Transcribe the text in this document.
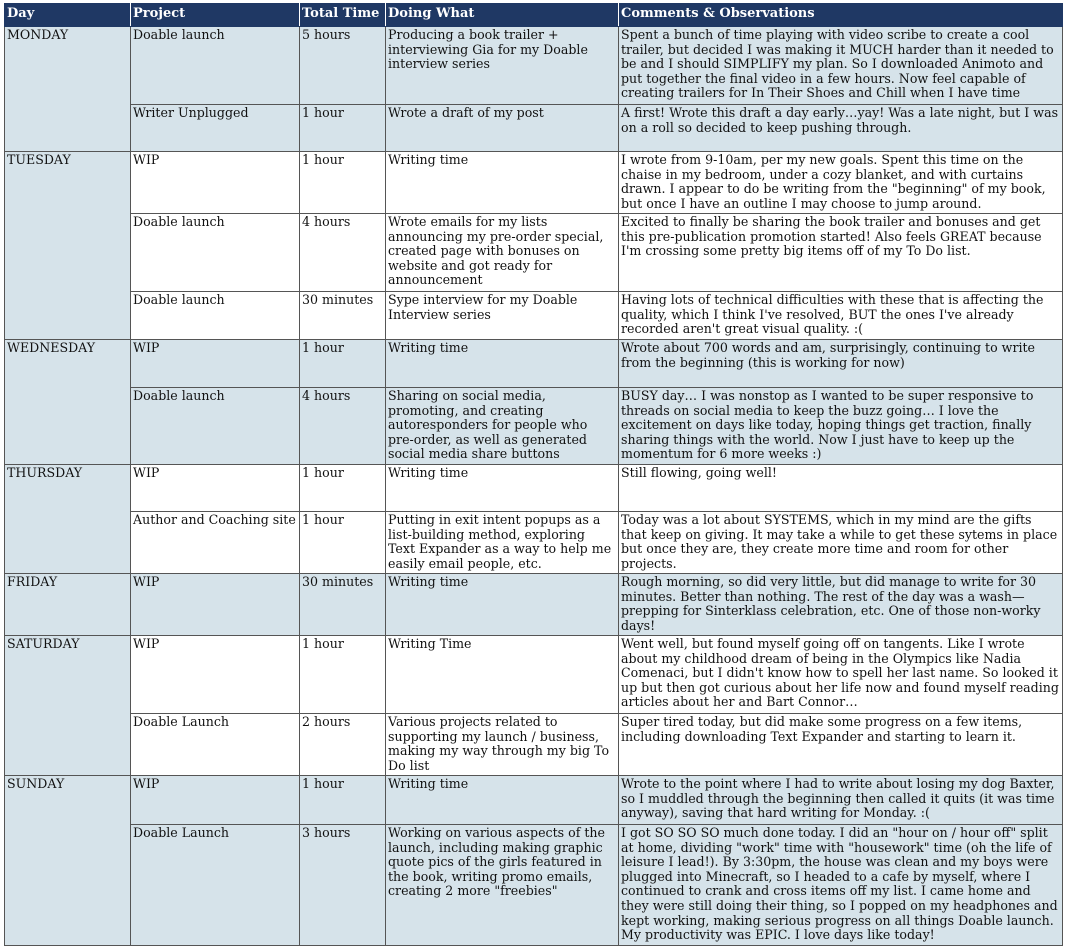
Day	Project	Total Time	Doing What	Comments & Observations
MONDAY	Doable launch	5 hours	Producing a book trailer + interviewing Gia for my Doable interview series	Spent a bunch of time playing with video scribe to create a cool trailer, but decided I was making it MUCH harder than it needed to be and I should SIMPLIFY my plan. So I downloaded Animoto and put together the final video in a few hours. Now feel capable of creating trailers for In Their Shoes and Chill when I have time
	Writer Unplugged	1 hour	Wrote a draft of my post	A first! Wrote this draft a day early…yay! Was a late night, but I was on a roll so decided to keep pushing through.
TUESDAY	WIP	1 hour	Writing time	I wrote from 9-10am, per my new goals. Spent this time on the chaise in my bedroom, under a cozy blanket, and with curtains drawn. I appear to do be writing from the "beginning" of my book, but once I have an outline I may choose to jump around.
	Doable launch	4 hours	Wrote emails for my lists announcing my pre-order special, created page with bonuses on website and got ready for announcement	Excited to finally be sharing the book trailer and bonuses and get this pre-publication promotion started! Also feels GREAT because I'm crossing some pretty big items off of my To Do list.
	Doable launch	30 minutes	Sype interview for my Doable Interview series	Having lots of technical difficulties with these that is affecting the quality, which I think I've resolved, BUT the ones I've already recorded aren't great visual quality. :(
WEDNESDAY	WIP	1 hour	Writing time	Wrote about 700 words and am, surprisingly, continuing to write from the beginning (this is working for now)
	Doable launch	4 hours	Sharing on social media, promoting, and creating autoresponders for people who pre-order, as well as generated social media share buttons	BUSY day… I was nonstop as I wanted to be super responsive to threads on social media to keep the buzz going… I love the excitement on days like today, hoping things get traction, finally sharing things with the world. Now I just have to keep up the momentum for 6 more weeks :)
THURSDAY	WIP	1 hour	Writing time	Still flowing, going well!
	Author and Coaching site	1 hour	Putting in exit intent popups as a list-building method, exploring Text Expander as a way to help me easily email people, etc.	Today was a lot about SYSTEMS, which in my mind are the gifts that keep on giving. It may take a while to get these sytems in place but once they are, they create more time and room for other projects.
FRIDAY	WIP	30 minutes	Writing time	Rough morning, so did very little, but did manage to write for 30 minutes. Better than nothing. The rest of the day was a wash—prepping for Sinterklass celebration, etc. One of those non-worky days!
SATURDAY	WIP	1 hour	Writing Time	Went well, but found myself going off on tangents. Like I wrote about my childhood dream of being in the Olympics like Nadia Comenaci, but I didn't know how to spell her last name. So looked it up but then got curious about her life now and found myself reading articles about her and Bart Connor…
	Doable Launch	2 hours	Various projects related to supporting my launch / business, making my way through my big To Do list	Super tired today, but did make some progress on a few items, including downloading Text Expander and starting to learn it.
SUNDAY	WIP	1 hour	Writing time	Wrote to the point where I had to write about losing my dog Baxter, so I muddled through the beginning then called it quits (it was time anyway), saving that hard writing for Monday. :(
	Doable Launch	3 hours	Working on various aspects of the launch, including making graphic quote pics of the girls featured in the book, writing promo emails, creating 2 more "freebies"	I got SO SO SO much done today. I did an "hour on / hour off" split at home, dividing "work" time with "housework" time (oh the life of leisure I lead!). By 3:30pm, the house was clean and my boys were plugged into Minecraft, so I headed to a cafe by myself, where I continued to crank and cross items off my list. I came home and they were still doing their thing, so I popped on my headphones and kept working, making serious progress on all things Doable launch. My productivity was EPIC. I love days like today!
